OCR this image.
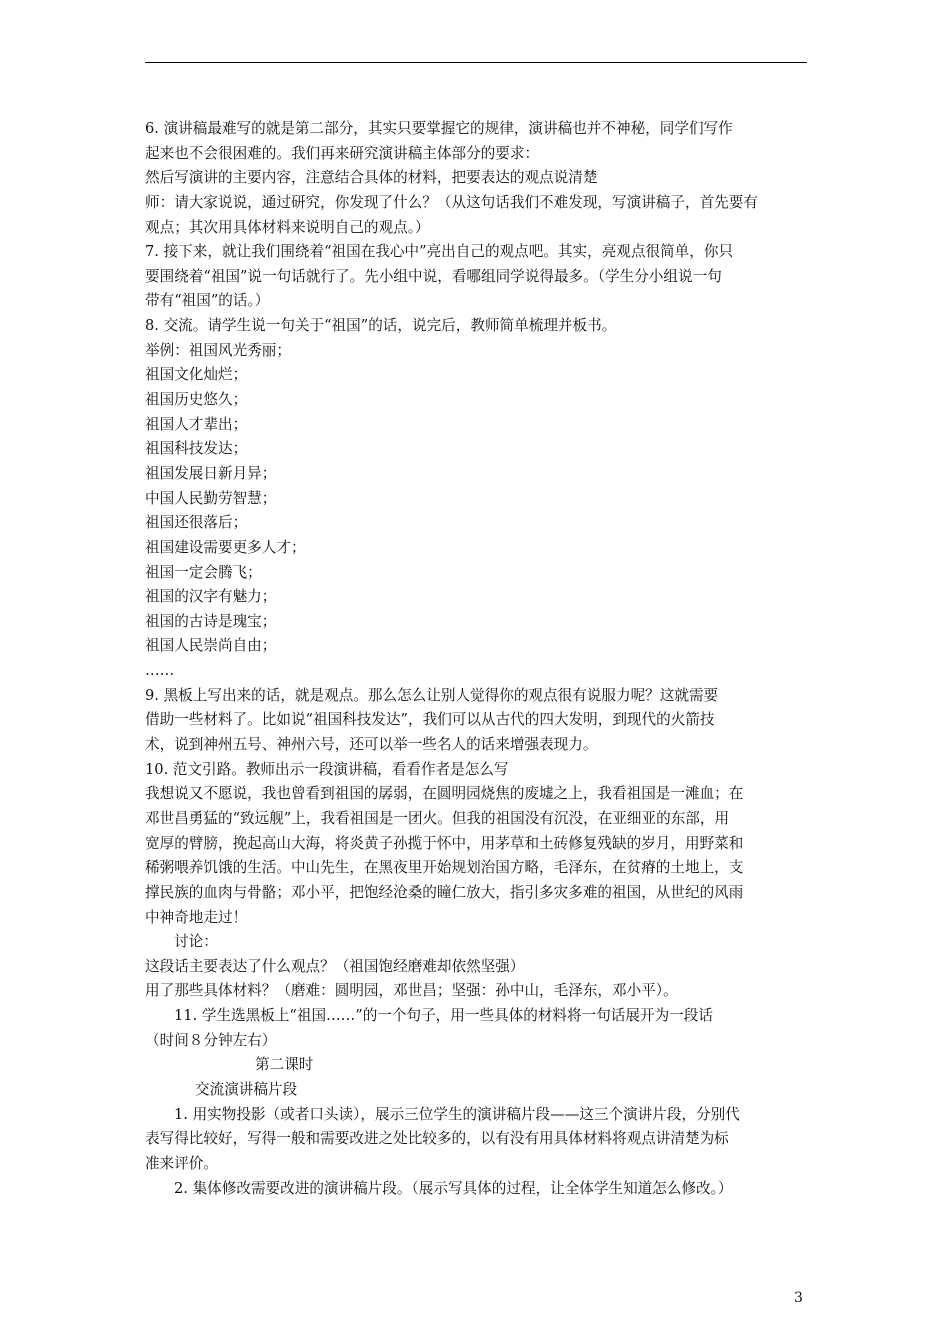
6. 演讲稿最难写的就是第二部分，其实只要掌握它的规律，演讲稿也并不神秘，同学们写作
起来也不会很困难的。我们再来研究演讲稿主体部分的要求：
然后写演讲的主要内容，注意结合具体的材料，把要表达的观点说清楚
师：请大家说说，通过研究，你发现了什么？（从这句话我们不难发现，写演讲稿子，首先要有
观点；其次用具体材料来说明自己的观点。）
7. 接下来，就让我们围绕着“祖国在我心中”亮出自己的观点吧。其实，亮观点很简单，你只
要围绕着“祖国”说一句话就行了。先小组中说，看哪组同学说得最多。（学生分小组说一句
带有“祖国”的话。）
8. 交流。请学生说一句关于“祖国”的话，说完后，教师简单梳理并板书。
举例：祖国风光秀丽；
祖国文化灿烂；
祖国历史悠久；
祖国人才辈出；
祖国科技发达；
祖国发展日新月异；
中国人民勤劳智慧；
祖国还很落后；
祖国建设需要更多人才；
祖国一定会腾飞；
祖国的汉字有魅力；
祖国的古诗是瑰宝；
祖国人民崇尚自由；
……
9. 黑板上写出来的话，就是观点。那么怎么让别人觉得你的观点很有说服力呢？这就需要
借助一些材料了。比如说“祖国科技发达”，我们可以从古代的四大发明，到现代的火箭技
术，说到神州五号、神州六号，还可以举一些名人的话来增强表现力。
10. 范文引路。教师出示一段演讲稿，看看作者是怎么写
我想说又不愿说，我也曾看到祖国的孱弱，在圆明园烧焦的废墟之上，我看祖国是一滩血；在
邓世昌勇猛的“致远舰”上，我看祖国是一团火。但我的祖国没有沉没，在亚细亚的东部，用
宽厚的臂膀，挽起高山大海，将炎黄子孙揽于怀中，用茅草和土砖修复残缺的岁月，用野菜和
稀粥喂养饥饿的生活。中山先生，在黑夜里开始规划治国方略，毛泽东，在贫瘠的土地上，支
撑民族的血肉与骨骼；邓小平，把饱经沧桑的瞳仁放大，指引多灾多难的祖国，从世纪的风雨
中神奇地走过！
讨论：
这段话主要表达了什么观点？（祖国饱经磨难却依然坚强）
用了那些具体材料？（磨难：圆明园，邓世昌；坚强：孙中山，毛泽东，邓小平）。
11. 学生选黑板上“祖国……”的一个句子，用一些具体的材料将一句话展开为一段话
（时间８分钟左右）
第二课时
交流演讲稿片段
1. 用实物投影（或者口头读），展示三位学生的演讲稿片段——这三个演讲片段，分别代
表写得比较好，写得一般和需要改进之处比较多的，以有没有用具体材料将观点讲清楚为标
准来评价。
2. 集体修改需要改进的演讲稿片段。（展示写具体的过程，让全体学生知道怎么修改。）
3
